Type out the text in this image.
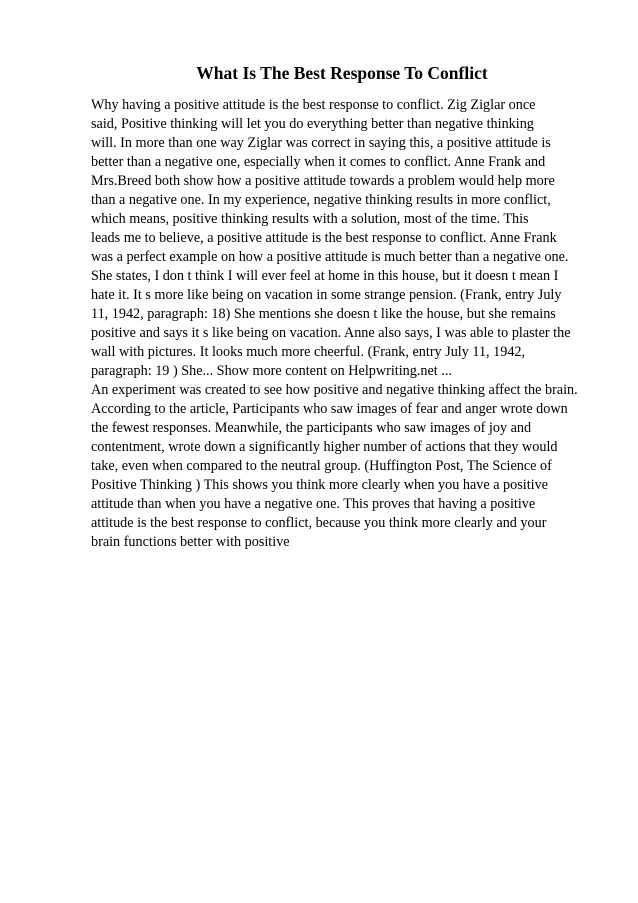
What Is The Best Response To Conflict
Why having a positive attitude is the best response to conflict. Zig Ziglar once
said, Positive thinking will let you do everything better than negative thinking
will. In more than one way Ziglar was correct in saying this, a positive attitude is
better than a negative one, especially when it comes to conflict. Anne Frank and
Mrs.Breed both show how a positive attitude towards a problem would help more
than a negative one. In my experience, negative thinking results in more conflict,
which means, positive thinking results with a solution, most of the time. This
leads me to believe, a positive attitude is the best response to conflict. Anne Frank
was a perfect example on how a positive attitude is much better than a negative one.
She states, I don t think I will ever feel at home in this house, but it doesn t mean I
hate it. It s more like being on vacation in some strange pension. (Frank, entry July
11, 1942, paragraph: 18) She mentions she doesn t like the house, but she remains
positive and says it s like being on vacation. Anne also says, I was able to plaster the
wall with pictures. It looks much more cheerful. (Frank, entry July 11, 1942,
paragraph: 19 ) She... Show more content on Helpwriting.net ...
An experiment was created to see how positive and negative thinking affect the brain.
According to the article, Participants who saw images of fear and anger wrote down
the fewest responses. Meanwhile, the participants who saw images of joy and
contentment, wrote down a significantly higher number of actions that they would
take, even when compared to the neutral group. (Huffington Post, The Science of
Positive Thinking ) This shows you think more clearly when you have a positive
attitude than when you have a negative one. This proves that having a positive
attitude is the best response to conflict, because you think more clearly and your
brain functions better with positive
